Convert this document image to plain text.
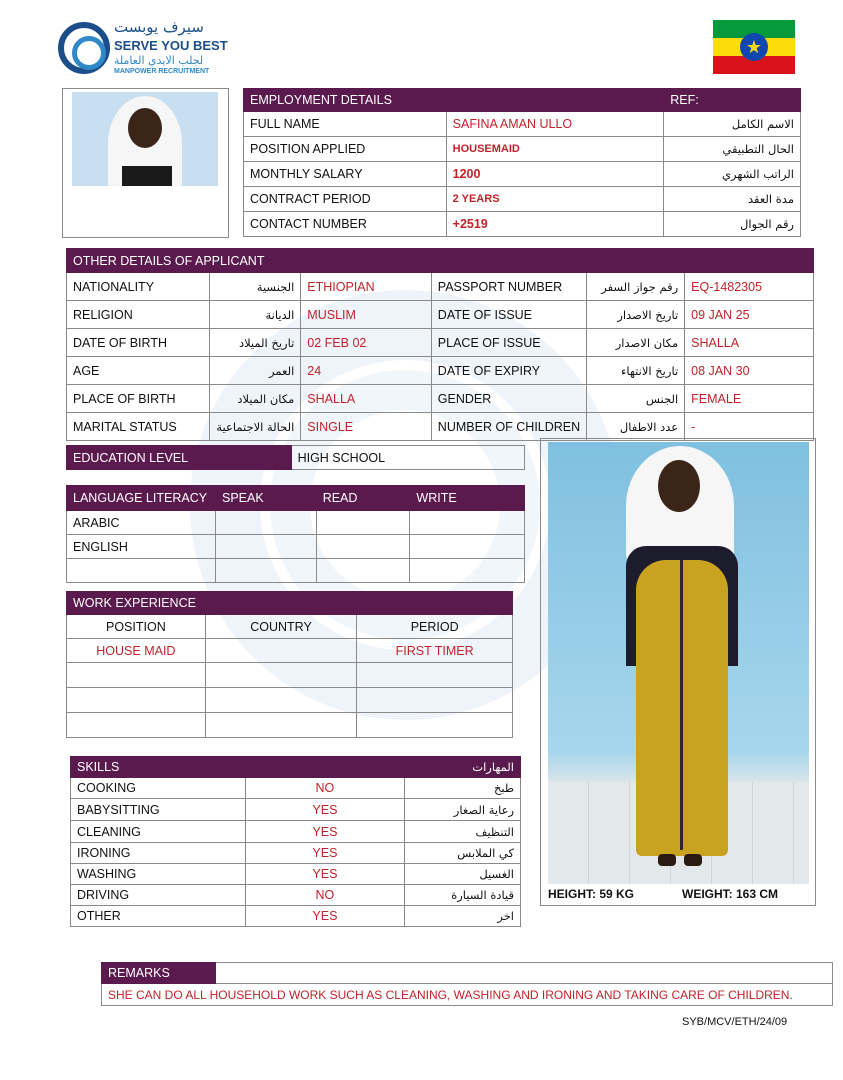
سيرف يوبست
SERVE YOU BEST
لجلب الايدي العاملة
MANPOWER RECRUITMENT
★
EMPLOYMENT DETAILS		REF:
FULL NAME	SAFINA AMAN ULLO	الاسم الكامل
POSITION APPLIED	HOUSEMAID	الحال التطبيقي
MONTHLY SALARY	1200	الراتب الشهري
CONTRACT PERIOD	2 YEARS	مدة العقد
CONTACT NUMBER	+2519	رقم الجوال
OTHER DETAILS OF APPLICANT					
NATIONALITY	الجنسية	ETHIOPIAN	PASSPORT NUMBER	رقم جواز السفر	EQ-1482305
RELIGION	الديانة	MUSLIM	DATE OF ISSUE	تاريخ الاصدار	09 JAN 25
DATE OF BIRTH	تاريخ الميلاد	02 FEB 02	PLACE OF ISSUE	مكان الاصدار	SHALLA
AGE	العمر	24	DATE OF EXPIRY	تاريخ الانتهاء	08 JAN 30
PLACE OF BIRTH	مكان الميلاد	SHALLA	GENDER	الجنس	FEMALE
MARITAL STATUS	الحالة الاجتماعية	SINGLE	NUMBER OF CHILDREN	عدد الاطفال	-
EDUCATION LEVEL	HIGH SCHOOL
LANGUAGE LITERACY	SPEAK	READ	WRITE
ARABIC			
ENGLISH			

WORK EXPERIENCE		
POSITION	COUNTRY	PERIOD
HOUSE MAID		FIRST TIMER

SKILLS	المهارات	
COOKING	NO	طبخ
BABYSITTING	YES	رعاية الصغار
CLEANING	YES	التنظيف
IRONING	YES	كي الملابس
WASHING	YES	الغسيل
DRIVING	NO	قيادة السيارة
OTHER	YES	اخر
HEIGHT: 59 KG	WEIGHT: 163 CM
REMARKS	
SHE CAN DO ALL HOUSEHOLD WORK SUCH AS CLEANING, WASHING AND IRONING AND TAKING CARE OF CHILDREN.
SYB/MCV/ETH/24/09
